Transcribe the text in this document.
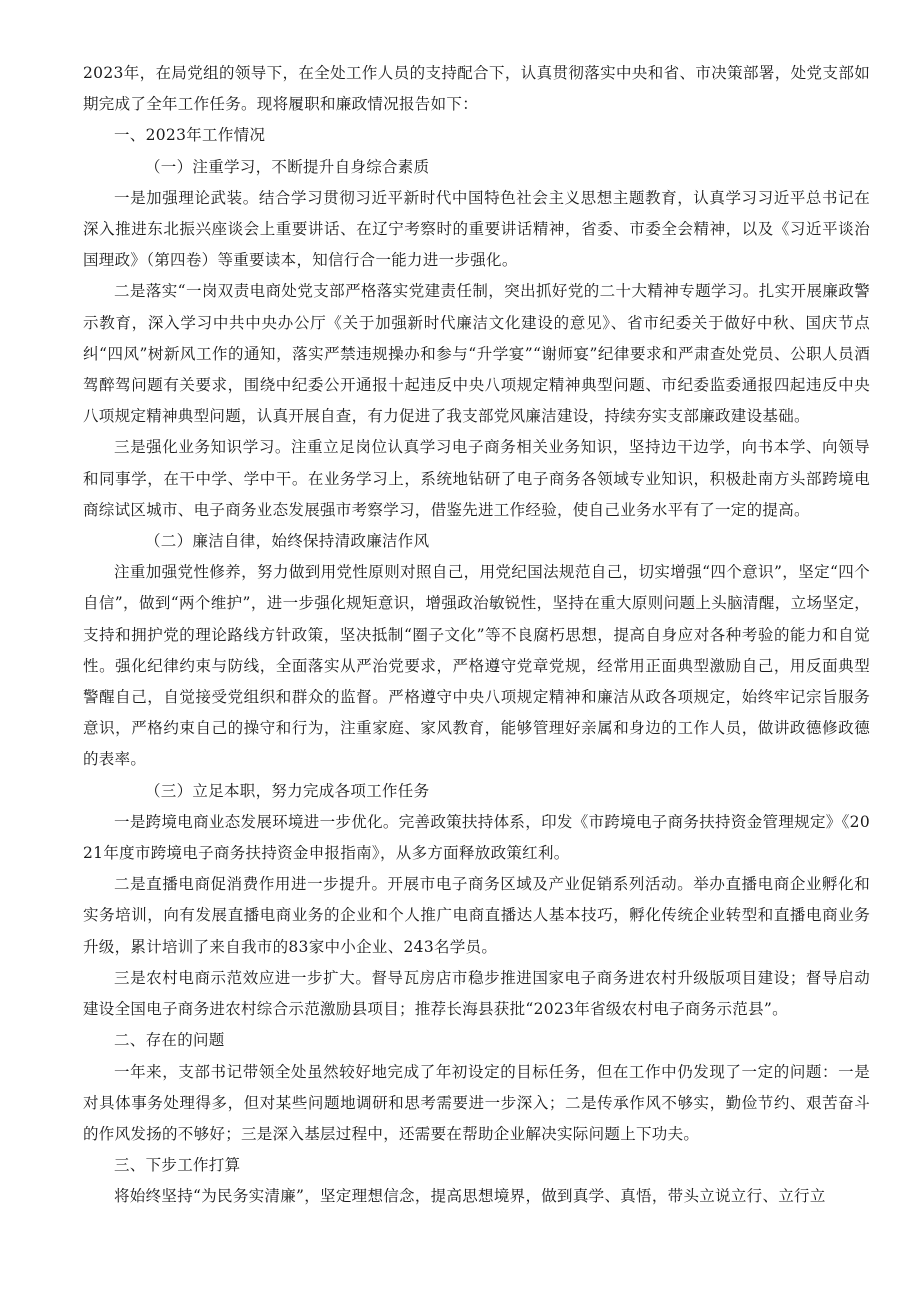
2023年，在局党组的领导下，在全处工作人员的支持配合下，认真贯彻落实中央和省、市决策部署，处党支部如期完成了全年工作任务。现将履职和廉政情况报告如下：

一、2023年工作情况

（一）注重学习，不断提升自身综合素质

一是加强理论武装。结合学习贯彻习近平新时代中国特色社会主义思想主题教育，认真学习习近平总书记在深入推进东北振兴座谈会上重要讲话、在辽宁考察时的重要讲话精神，省委、市委全会精神，以及《习近平谈治国理政》（第四卷）等重要读本，知信行合一能力进一步强化。

二是落实“一岗双责电商处党支部严格落实党建责任制，突出抓好党的二十大精神专题学习。扎实开展廉政警示教育，深入学习中共中央办公厅《关于加强新时代廉洁文化建设的意见》、省市纪委关于做好中秋、国庆节点纠“四风”树新风工作的通知，落实严禁违规操办和参与“升学宴”“谢师宴”纪律要求和严肃查处党员、公职人员酒驾醉驾问题有关要求，围绕中纪委公开通报十起违反中央八项规定精神典型问题、市纪委监委通报四起违反中央八项规定精神典型问题，认真开展自查，有力促进了我支部党风廉洁建设，持续夯实支部廉政建设基础。

三是强化业务知识学习。注重立足岗位认真学习电子商务相关业务知识，坚持边干边学，向书本学、向领导和同事学，在干中学、学中干。在业务学习上，系统地钻研了电子商务各领域专业知识，积极赴南方头部跨境电商综试区城市、电子商务业态发展强市考察学习，借鉴先进工作经验，使自己业务水平有了一定的提高。

（二）廉洁自律，始终保持清政廉洁作风

注重加强党性修养，努力做到用党性原则对照自己，用党纪国法规范自己，切实增强“四个意识”，坚定“四个自信”，做到“两个维护”，进一步强化规矩意识，增强政治敏锐性，坚持在重大原则问题上头脑清醒，立场坚定，支持和拥护党的理论路线方针政策，坚决抵制“圈子文化”等不良腐朽思想，提高自身应对各种考验的能力和自觉性。强化纪律约束与防线，全面落实从严治党要求，严格遵守党章党规，经常用正面典型激励自己，用反面典型警醒自己，自觉接受党组织和群众的监督。严格遵守中央八项规定精神和廉洁从政各项规定，始终牢记宗旨服务意识，严格约束自己的操守和行为，注重家庭、家风教育，能够管理好亲属和身边的工作人员，做讲政德修政德的表率。

（三）立足本职，努力完成各项工作任务

一是跨境电商业态发展环境进一步优化。完善政策扶持体系，印发《市跨境电子商务扶持资金管理规定》《2021年度市跨境电子商务扶持资金申报指南》，从多方面释放政策红利。

二是直播电商促消费作用进一步提升。开展市电子商务区域及产业促销系列活动。举办直播电商企业孵化和实务培训，向有发展直播电商业务的企业和个人推广电商直播达人基本技巧，孵化传统企业转型和直播电商业务升级，累计培训了来自我市的83家中小企业、243名学员。

三是农村电商示范效应进一步扩大。督导瓦房店市稳步推进国家电子商务进农村升级版项目建设；督导启动建设全国电子商务进农村综合示范激励县项目；推荐长海县获批“2023年省级农村电子商务示范县”。

二、存在的问题

一年来，支部书记带领全处虽然较好地完成了年初设定的目标任务，但在工作中仍发现了一定的问题：一是对具体事务处理得多，但对某些问题地调研和思考需要进一步深入；二是传承作风不够实，勤俭节约、艰苦奋斗的作风发扬的不够好；三是深入基层过程中，还需要在帮助企业解决实际问题上下功夫。

三、下步工作打算

将始终坚持“为民务实清廉”，坚定理想信念，提高思想境界，做到真学、真悟，带头立说立行、立行立
